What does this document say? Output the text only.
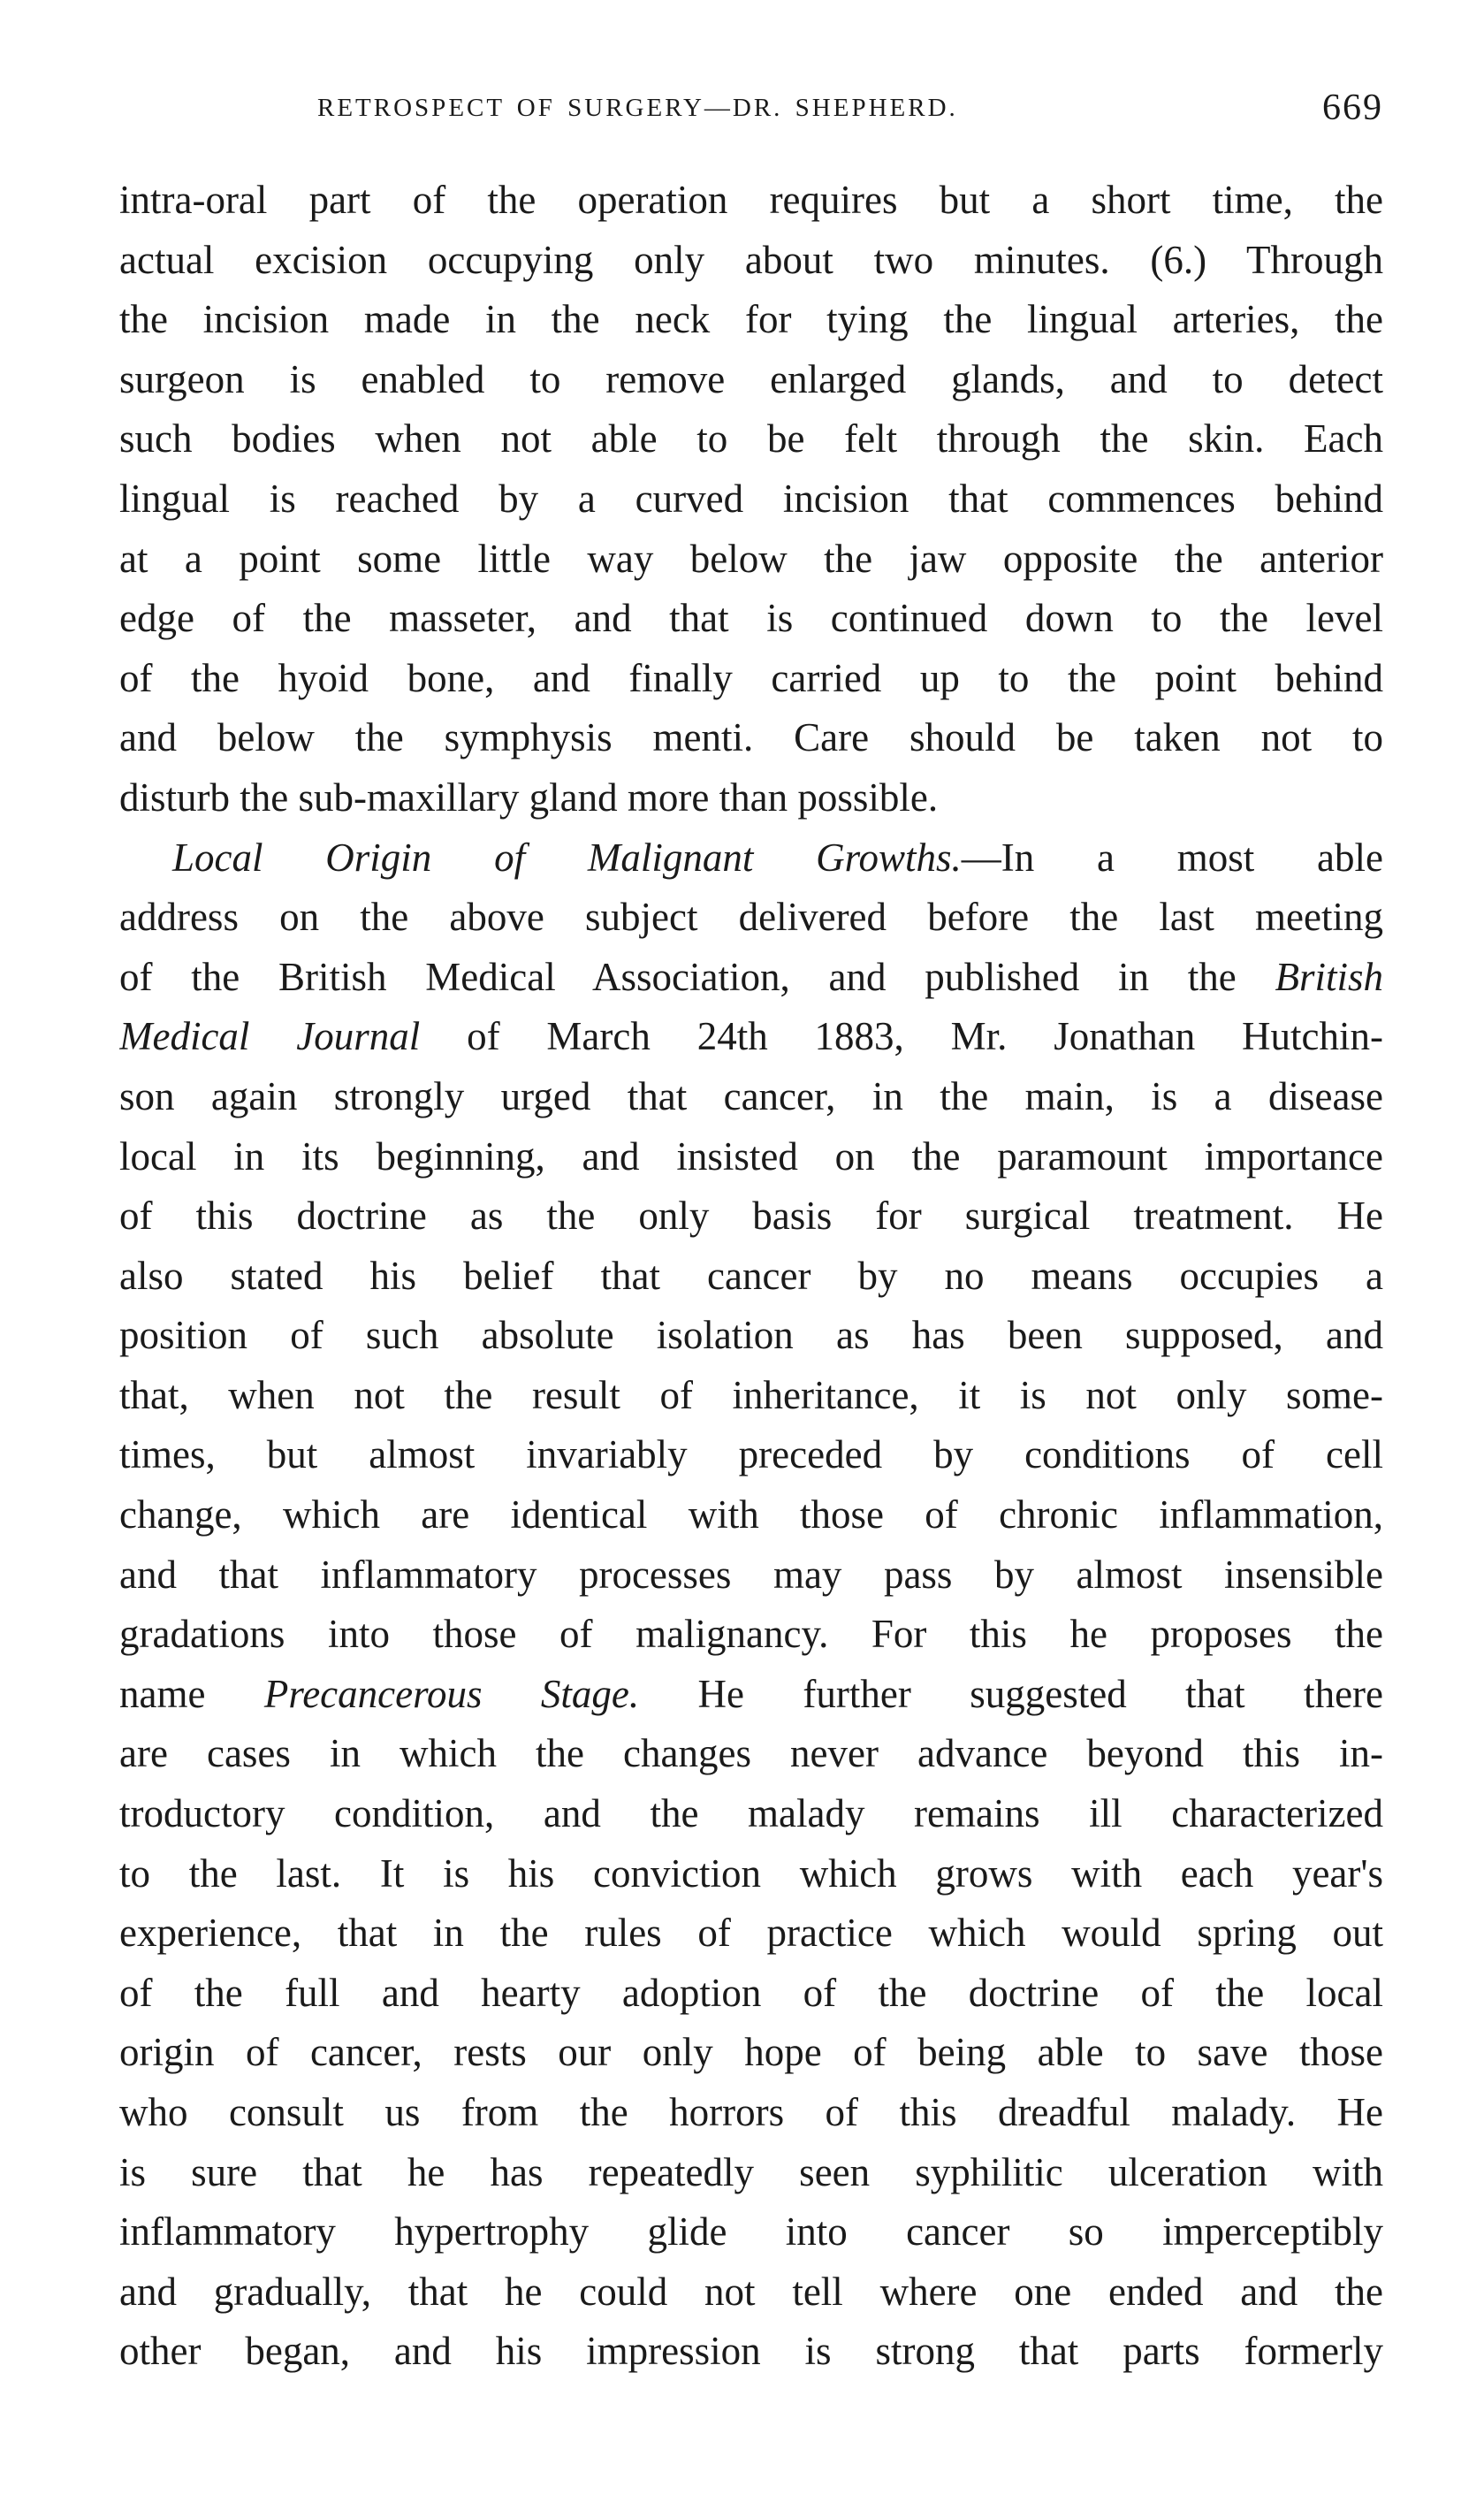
RETROSPECT OF SURGERY—DR. SHEPHERD.	669
intra-oral part of the operation requires but a short time, the
actual excision occupying only about two minutes. (6.) Through
the incision made in the neck for tying the lingual arteries, the
surgeon is enabled to remove enlarged glands, and to detect
such bodies when not able to be felt through the skin. Each
lingual is reached by a curved incision that commences behind
at a point some little way below the jaw opposite the anterior
edge of the masseter, and that is continued down to the level
of the hyoid bone, and finally carried up to the point behind
and below the symphysis menti. Care should be taken not to
disturb the sub-maxillary gland more than possible.
Local Origin of Malignant Growths.—In a most able
address on the above subject delivered before the last meeting
of the British Medical Association, and published in the British
Medical Journal of March 24th 1883, Mr. Jonathan Hutchin-
son again strongly urged that cancer, in the main, is a disease
local in its beginning, and insisted on the paramount importance
of this doctrine as the only basis for surgical treatment. He
also stated his belief that cancer by no means occupies a
position of such absolute isolation as has been supposed, and
that, when not the result of inheritance, it is not only some-
times, but almost invariably preceded by conditions of cell
change, which are identical with those of chronic inflammation,
and that inflammatory processes may pass by almost insensible
gradations into those of malignancy. For this he proposes the
name Precancerous Stage. He further suggested that there
are cases in which the changes never advance beyond this in-
troductory condition, and the malady remains ill characterized
to the last. It is his conviction which grows with each year's
experience, that in the rules of practice which would spring out
of the full and hearty adoption of the doctrine of the local
origin of cancer, rests our only hope of being able to save those
who consult us from the horrors of this dreadful malady. He
is sure that he has repeatedly seen syphilitic ulceration with
inflammatory hypertrophy glide into cancer so imperceptibly
and gradually, that he could not tell where one ended and the
other began, and his impression is strong that parts formerly
